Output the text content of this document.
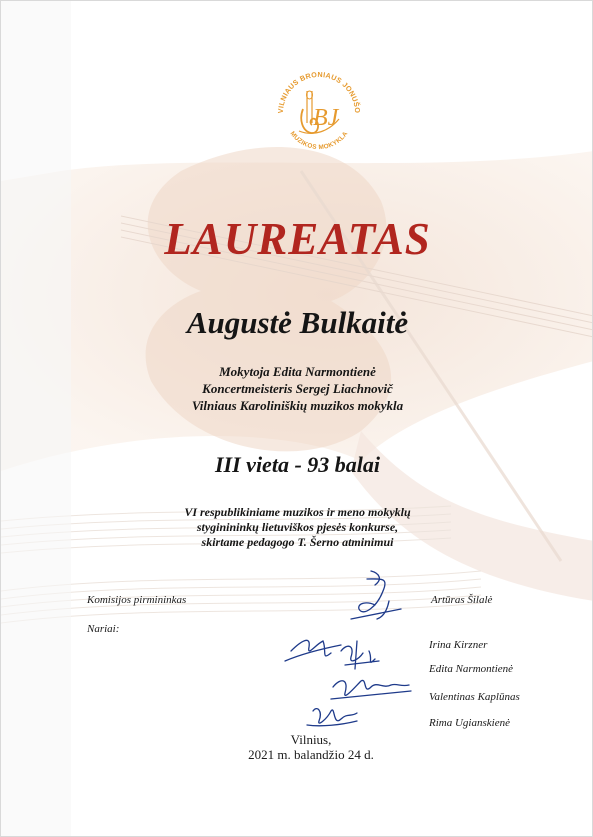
VILNIAUS BRONIAUS JONUŠO
MUZIKOS MOKYKLA
BJ
LAUREATAS
Augustė Bulkaitė
Mokytoja Edita Narmontienė
Koncertmeisteris Sergej Liachnovič
Vilniaus Karoliniškių muzikos mokykla
III vieta - 93 balai
VI respublikiniame muzikos ir meno mokyklų
styginininkų lietuviškos pjesės konkurse,
skirtame pedagogo T. Šerno atminimui
Komisijos pirmininkas
Nariai:
Artūras Šilalė
Irina Kirzner
Edita Narmontienė
Valentinas Kaplūnas
Rima Ugianskienė
Vilnius,
2021 m. balandžio 24 d.
